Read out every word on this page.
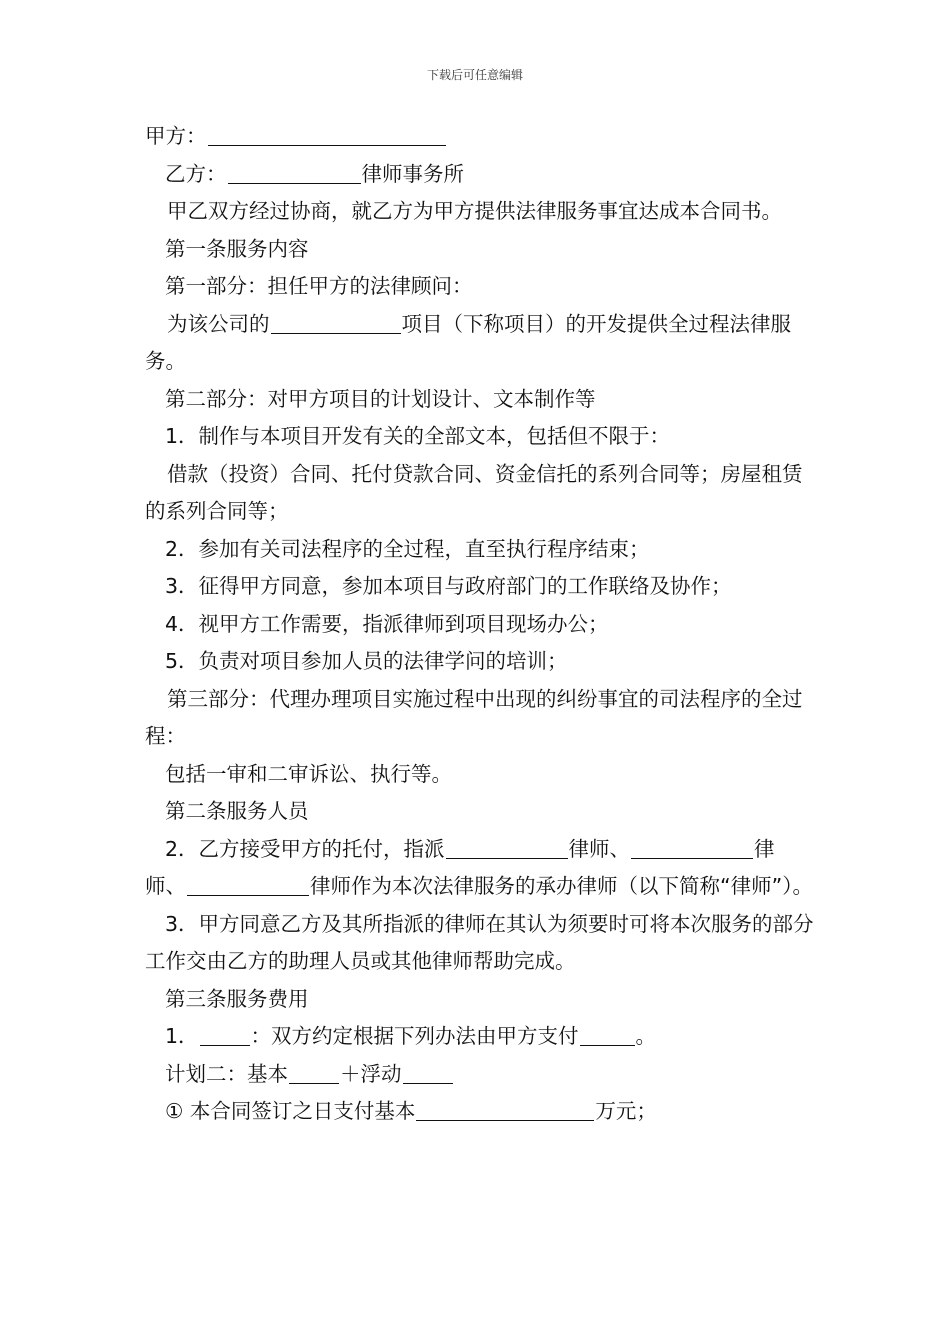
下载后可任意编辑

甲方：

乙方：	律师事务所

甲乙双方经过协商，就乙方为甲方提供法律服务事宜达成本合同书。

第一条服务内容

第一部分：担任甲方的法律顾问：

为该公司的	项目（下称项目）的开发提供全过程法律服务。

第二部分：对甲方项目的计划设计、文本制作等

1．制作与本项目开发有关的全部文本，包括但不限于：

借款（投资）合同、托付贷款合同、资金信托的系列合同等；房屋租赁的系列合同等；

2．参加有关司法程序的全过程，直至执行程序结束；

3．征得甲方同意，参加本项目与政府部门的工作联络及协作；

4．视甲方工作需要，指派律师到项目现场办公；

5．负责对项目参加人员的法律学问的培训；

第三部分：代理办理项目实施过程中出现的纠纷事宜的司法程序的全过程：

包括一审和二审诉讼、执行等。

第二条服务人员

2．乙方接受甲方的托付，指派	律师、	律师、	律师作为本次法律服务的承办律师（以下简称“律师”）。

3．甲方同意乙方及其所指派的律师在其认为须要时可将本次服务的部分工作交由乙方的助理人员或其他律师帮助完成。

第三条服务费用

1．	：双方约定根据下列办法由甲方支付	。

计划二：基本	＋浮动

① 本合同签订之日支付基本	万元；
